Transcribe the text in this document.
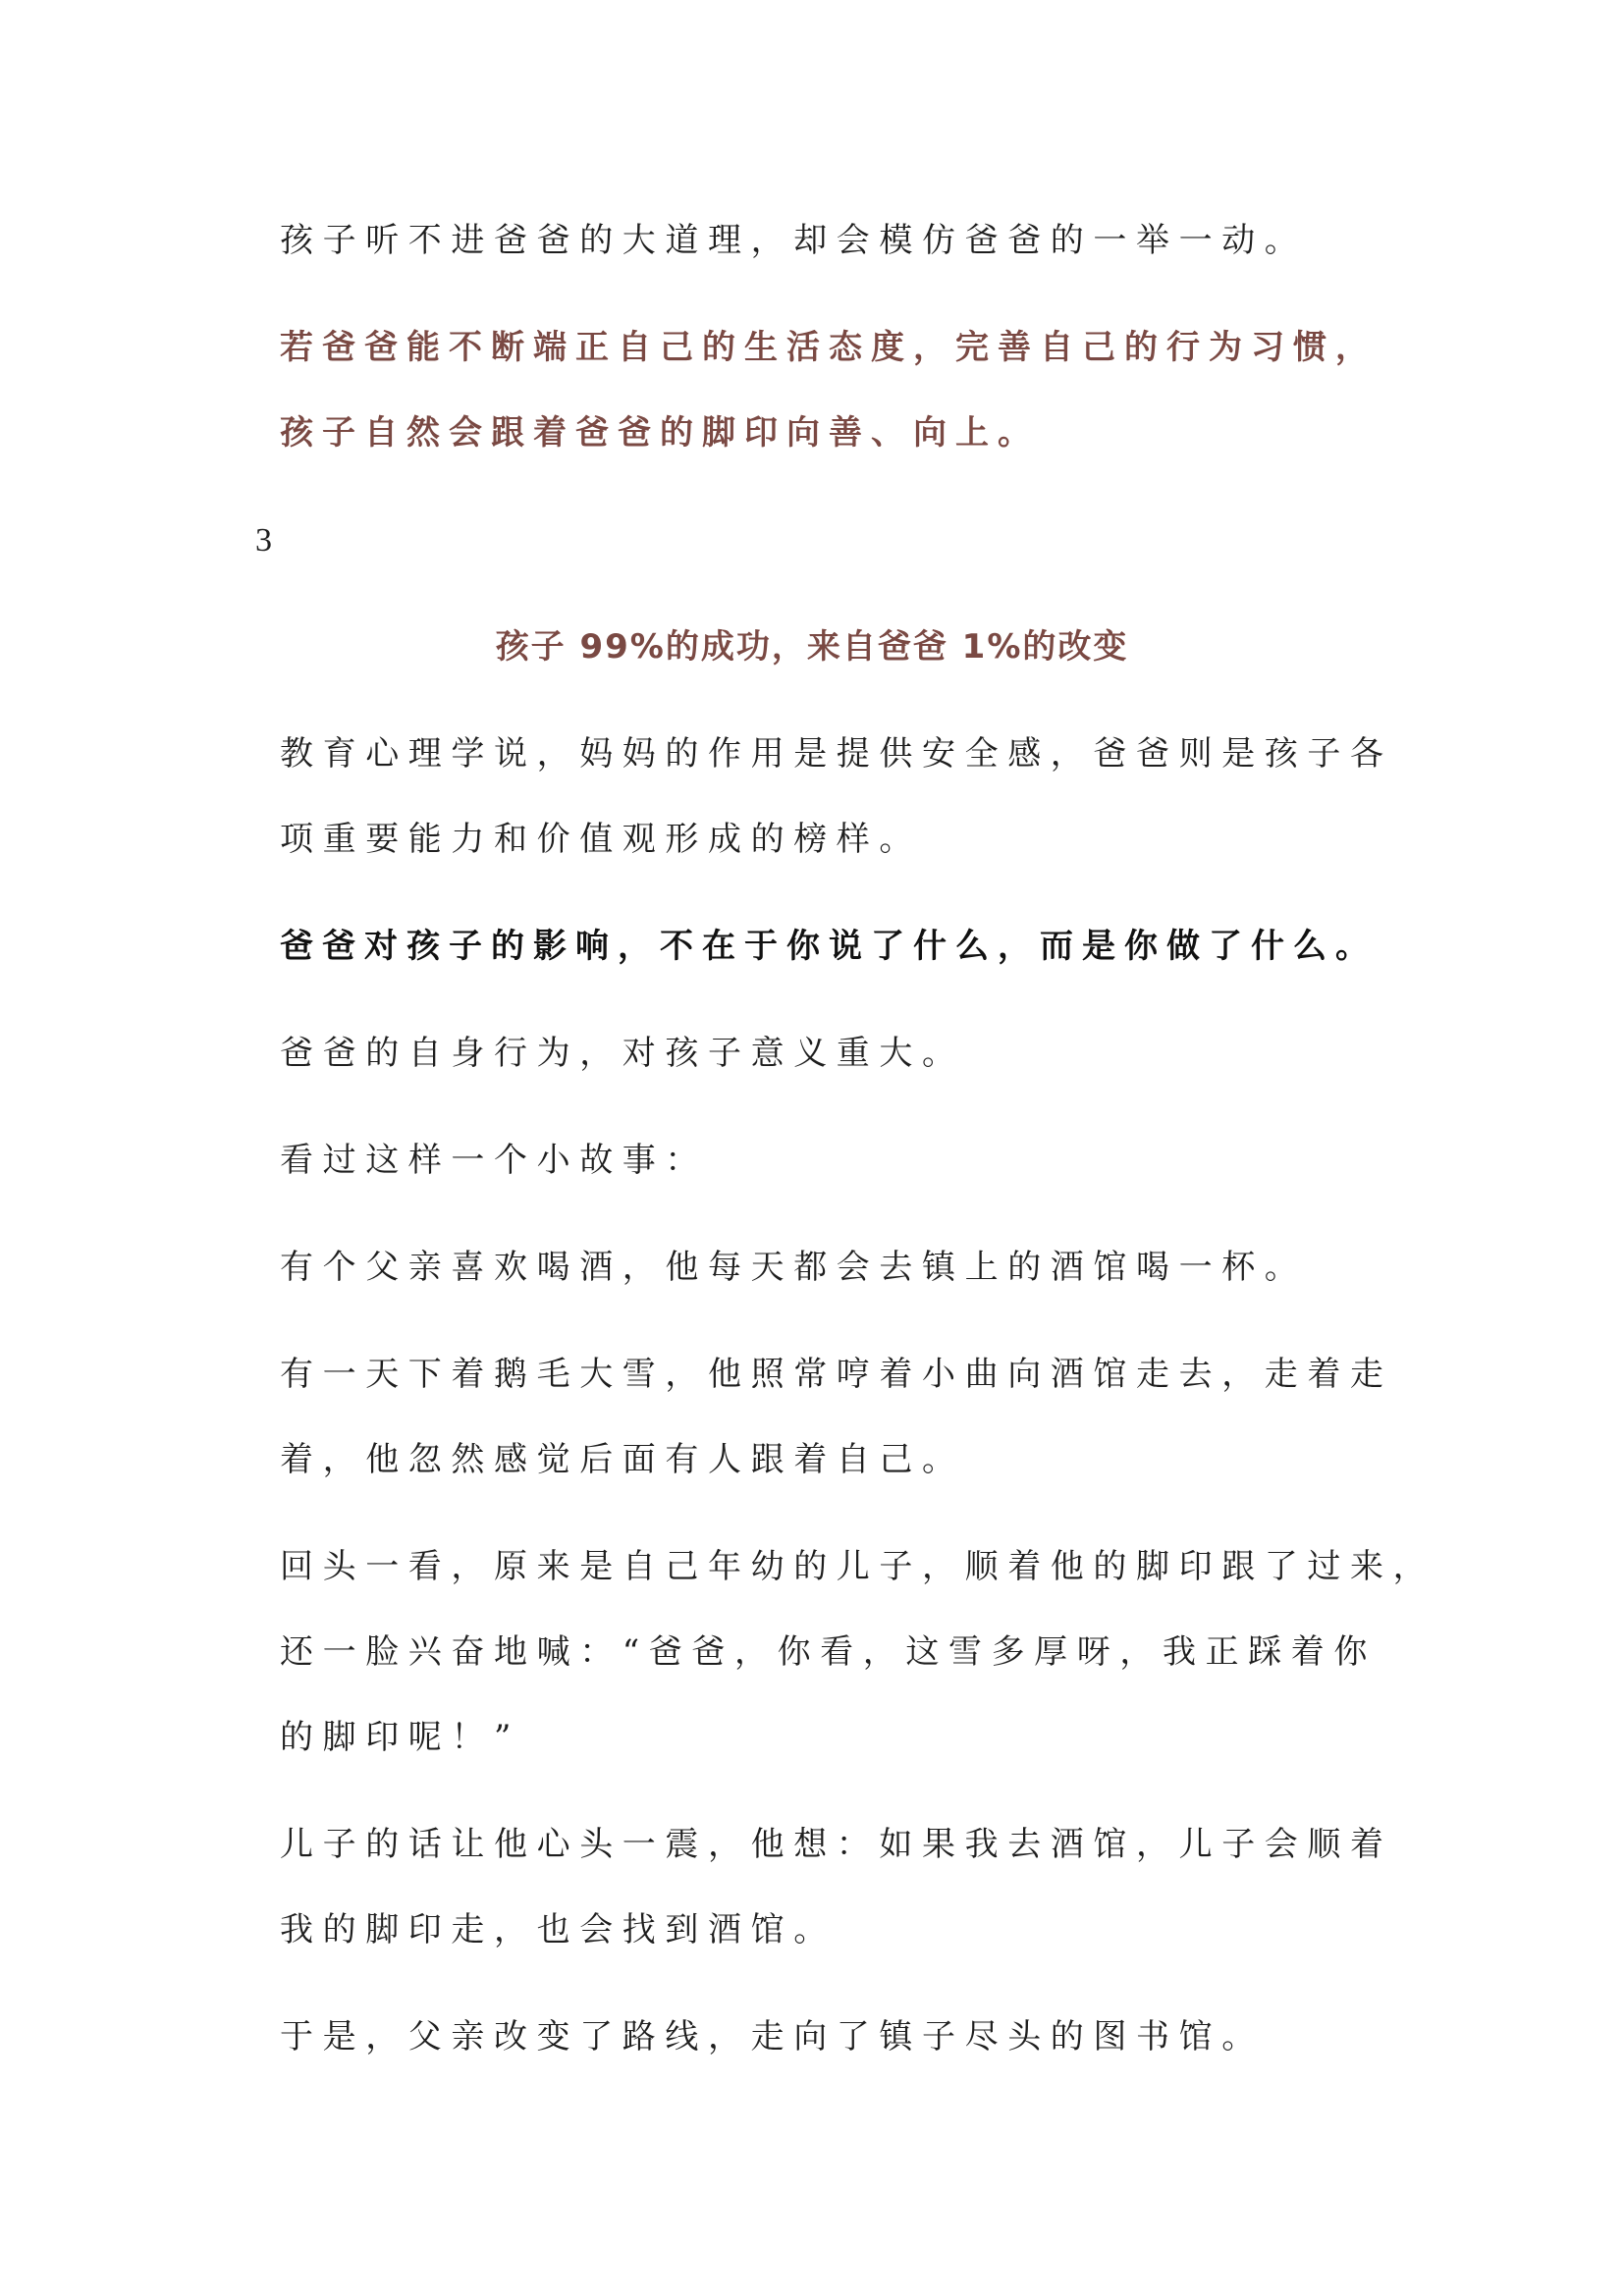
孩子听不进爸爸的大道理，却会模仿爸爸的一举一动。

若爸爸能不断端正自己的生活态度，完善自己的行为习惯，
孩子自然会跟着爸爸的脚印向善、向上。

3

孩子 99%的成功，来自爸爸 1%的改变

教育心理学说，妈妈的作用是提供安全感，爸爸则是孩子各
项重要能力和价值观形成的榜样。

爸爸对孩子的影响，不在于你说了什么，而是你做了什么。

爸爸的自身行为，对孩子意义重大。

看过这样一个小故事：

有个父亲喜欢喝酒，他每天都会去镇上的酒馆喝一杯。

有一天下着鹅毛大雪，他照常哼着小曲向酒馆走去，走着走
着，他忽然感觉后面有人跟着自己。

回头一看，原来是自己年幼的儿子，顺着他的脚印跟了过来，
还一脸兴奋地喊：“爸爸，你看，这雪多厚呀，我正踩着你
的脚印呢！”

儿子的话让他心头一震，他想：如果我去酒馆，儿子会顺着
我的脚印走，也会找到酒馆。

于是，父亲改变了路线，走向了镇子尽头的图书馆。
